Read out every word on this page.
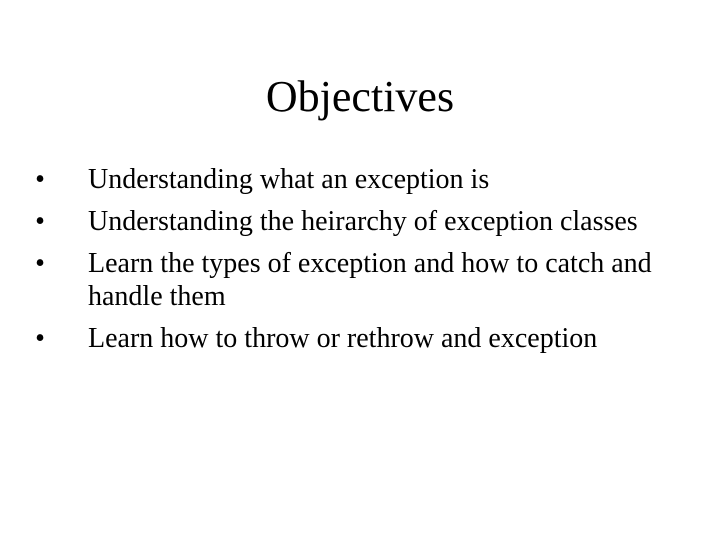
Objectives
• Understanding what an exception is
• Understanding the heirarchy of exception classes
• Learn the types of exception and how to catch and handle them
• Learn how to throw or rethrow and exception
